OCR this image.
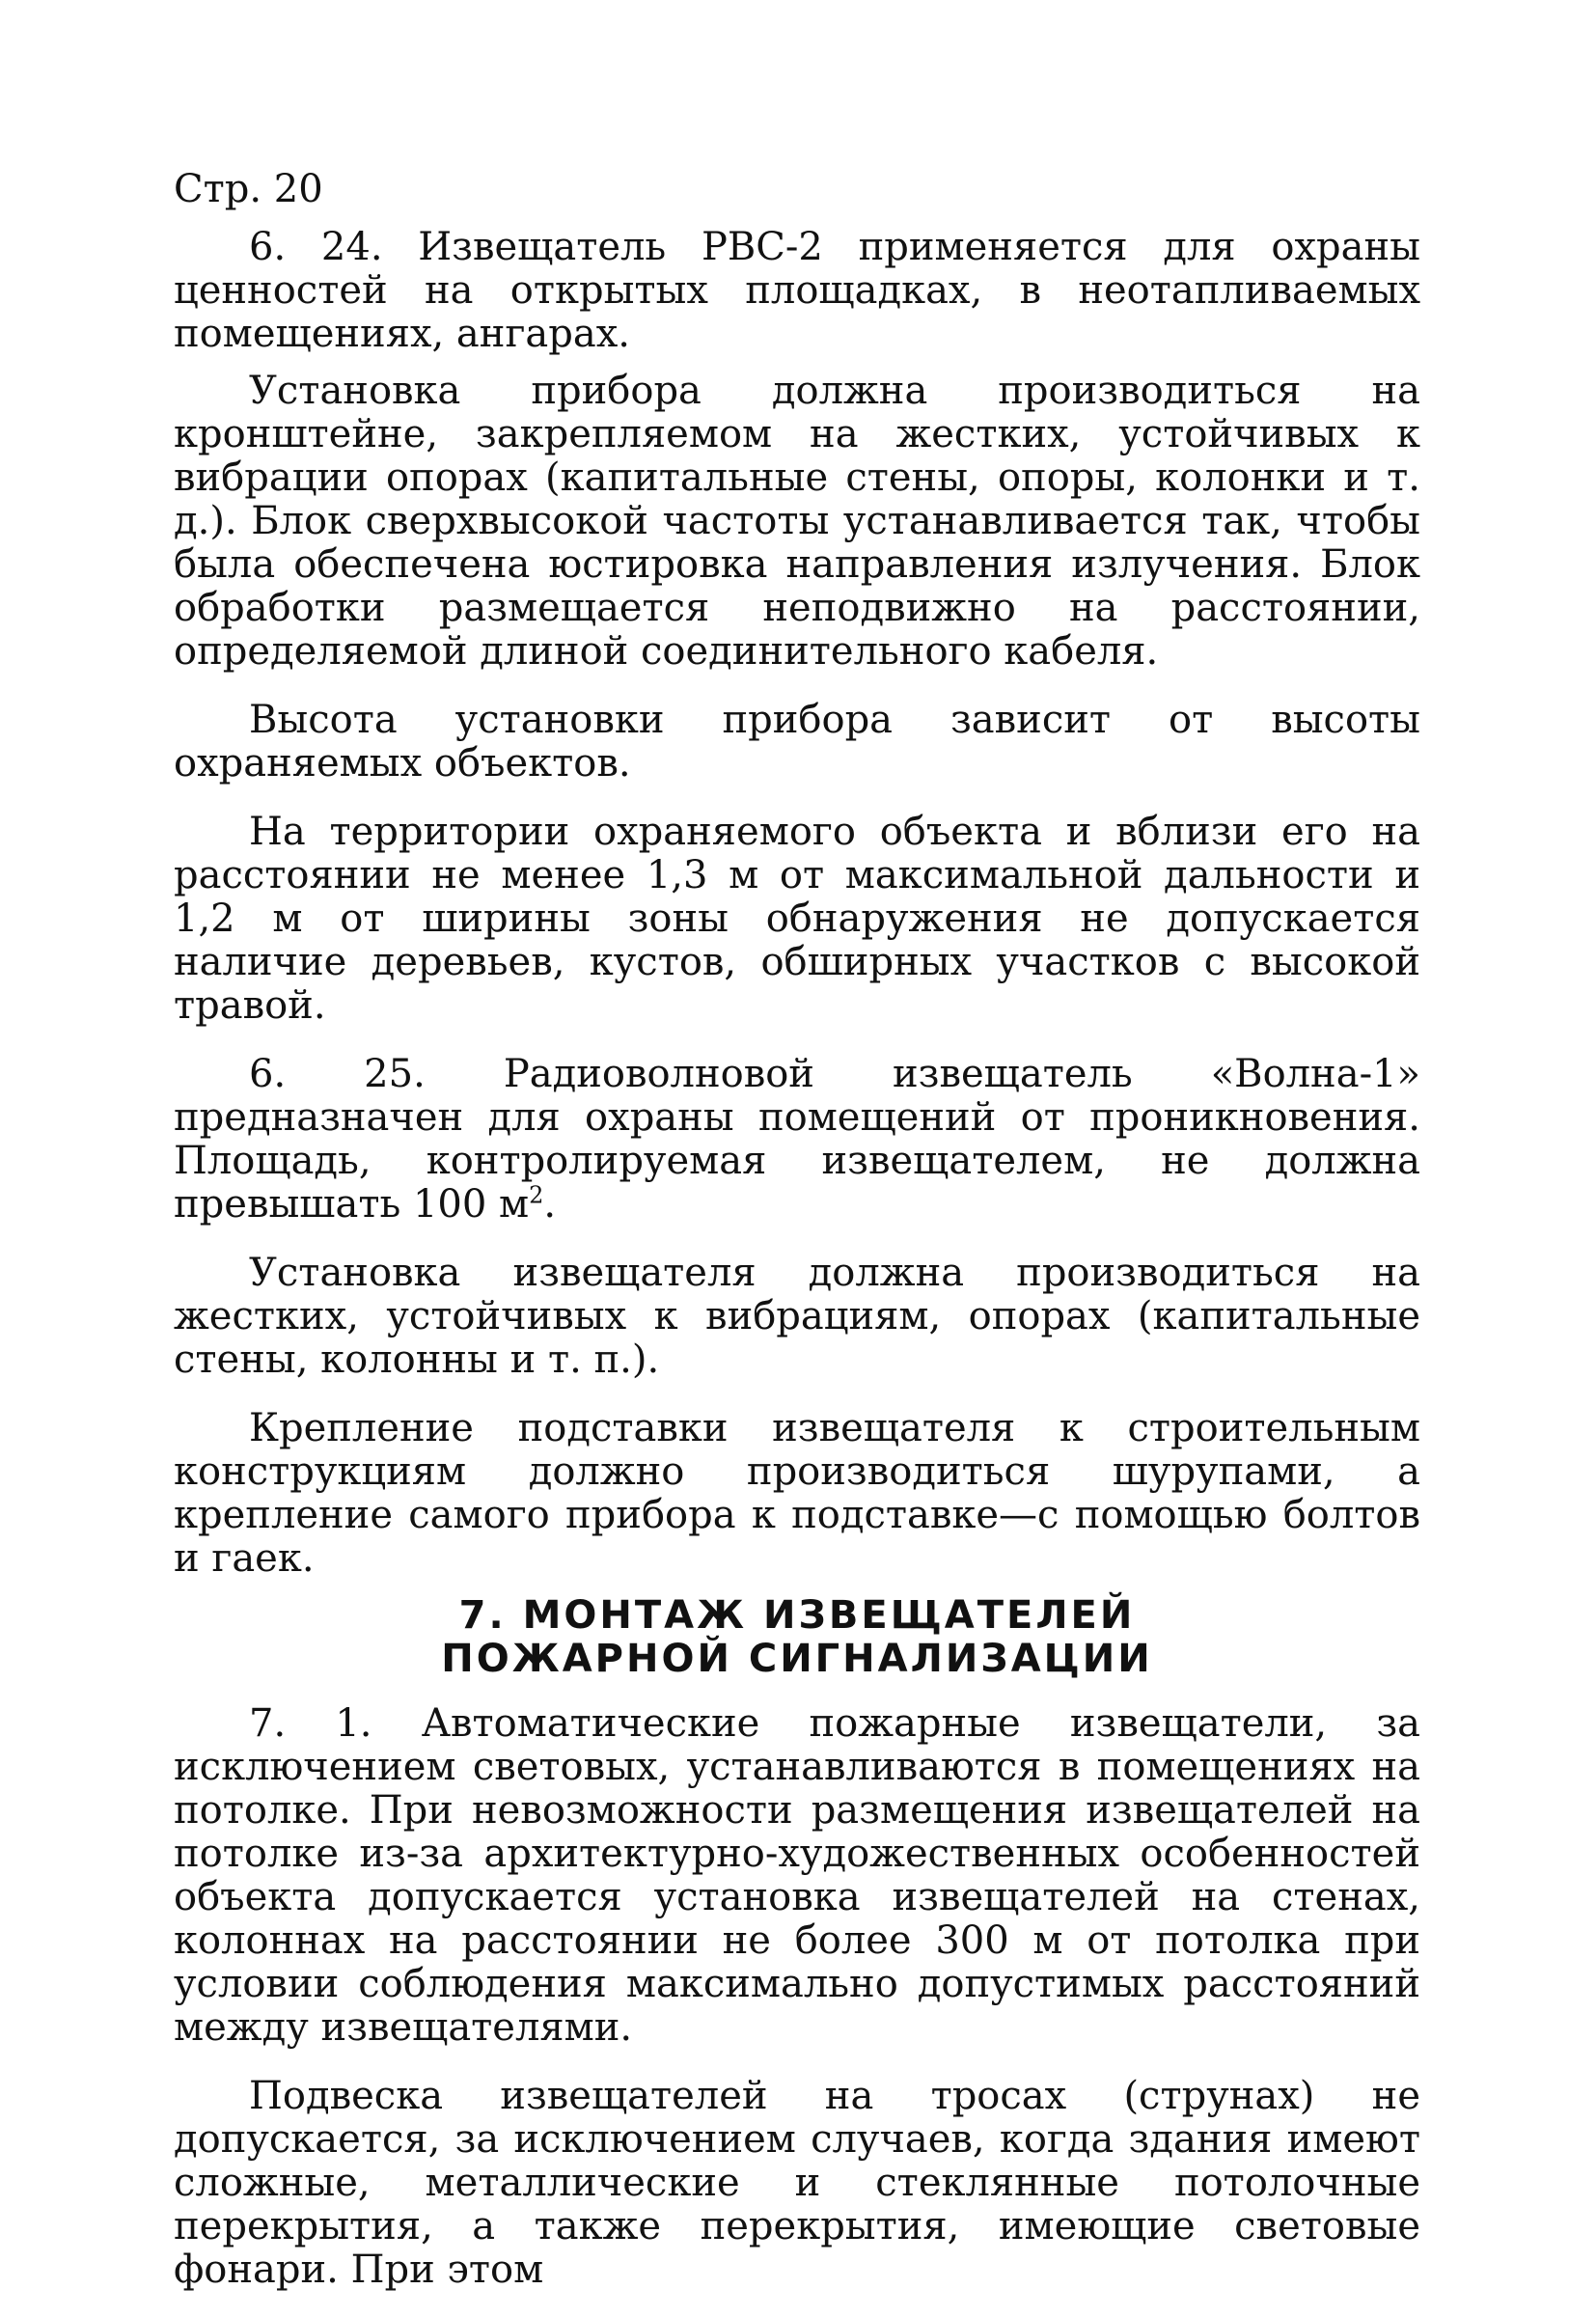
Стр. 20

6. 24. Извещатель РВС-2 применяется для охраны ценностей на открытых площадках, в неотапливаемых помещениях, ангарах.

Установка прибора должна производиться на кронштейне, закрепляемом на жестких, устойчивых к вибрации опорах (капитальные стены, опоры, колонки и т. д.). Блок сверхвысокой частоты устанавливается так, чтобы была обеспечена юстировка направления излучения. Блок обработки размещается неподвижно на расстоянии, определяемой длиной соединительного кабеля.

Высота установки прибора зависит от высоты охраняемых объектов.

На территории охраняемого объекта и вблизи его на расстоянии не менее 1,3 м от максимальной дальности и 1,2 м от ширины зоны обнаружения не допускается наличие деревьев, кустов, обширных участков с высокой травой.

6. 25. Радиоволновой извещатель «Волна-1» предназначен для охраны помещений от проникновения. Площадь, контролируемая извещателем, не должна превышать 100 $м^2$.

Установка извещателя должна производиться на жестких, устойчивых к вибрациям, опорах (капитальные стены, колонны и т. п.).

Крепление подставки извещателя к строительным конструкциям должно производиться шурупами, а крепление самого прибора к подставке—с помощью болтов и гаек.

7. МОНТАЖ ИЗВЕЩАТЕЛЕЙ
ПОЖАРНОЙ СИГНАЛИЗАЦИИ

7. 1. Автоматические пожарные извещатели, за исключением световых, устанавливаются в помещениях на потолке. При невозможности размещения извещателей на потолке из-за архитектурно-художественных особенностей объекта допускается установка извещателей на стенах, колоннах на расстоянии не более 300 м от потолка при условии соблюдения максимально допустимых расстояний между извещателями.

Подвеска извещателей на тросах (струнах) не допускается, за исключением случаев, когда здания имеют сложные, металлические и стеклянные потолочные перекрытия, а также перекрытия, имеющие световые фонари. При этом
